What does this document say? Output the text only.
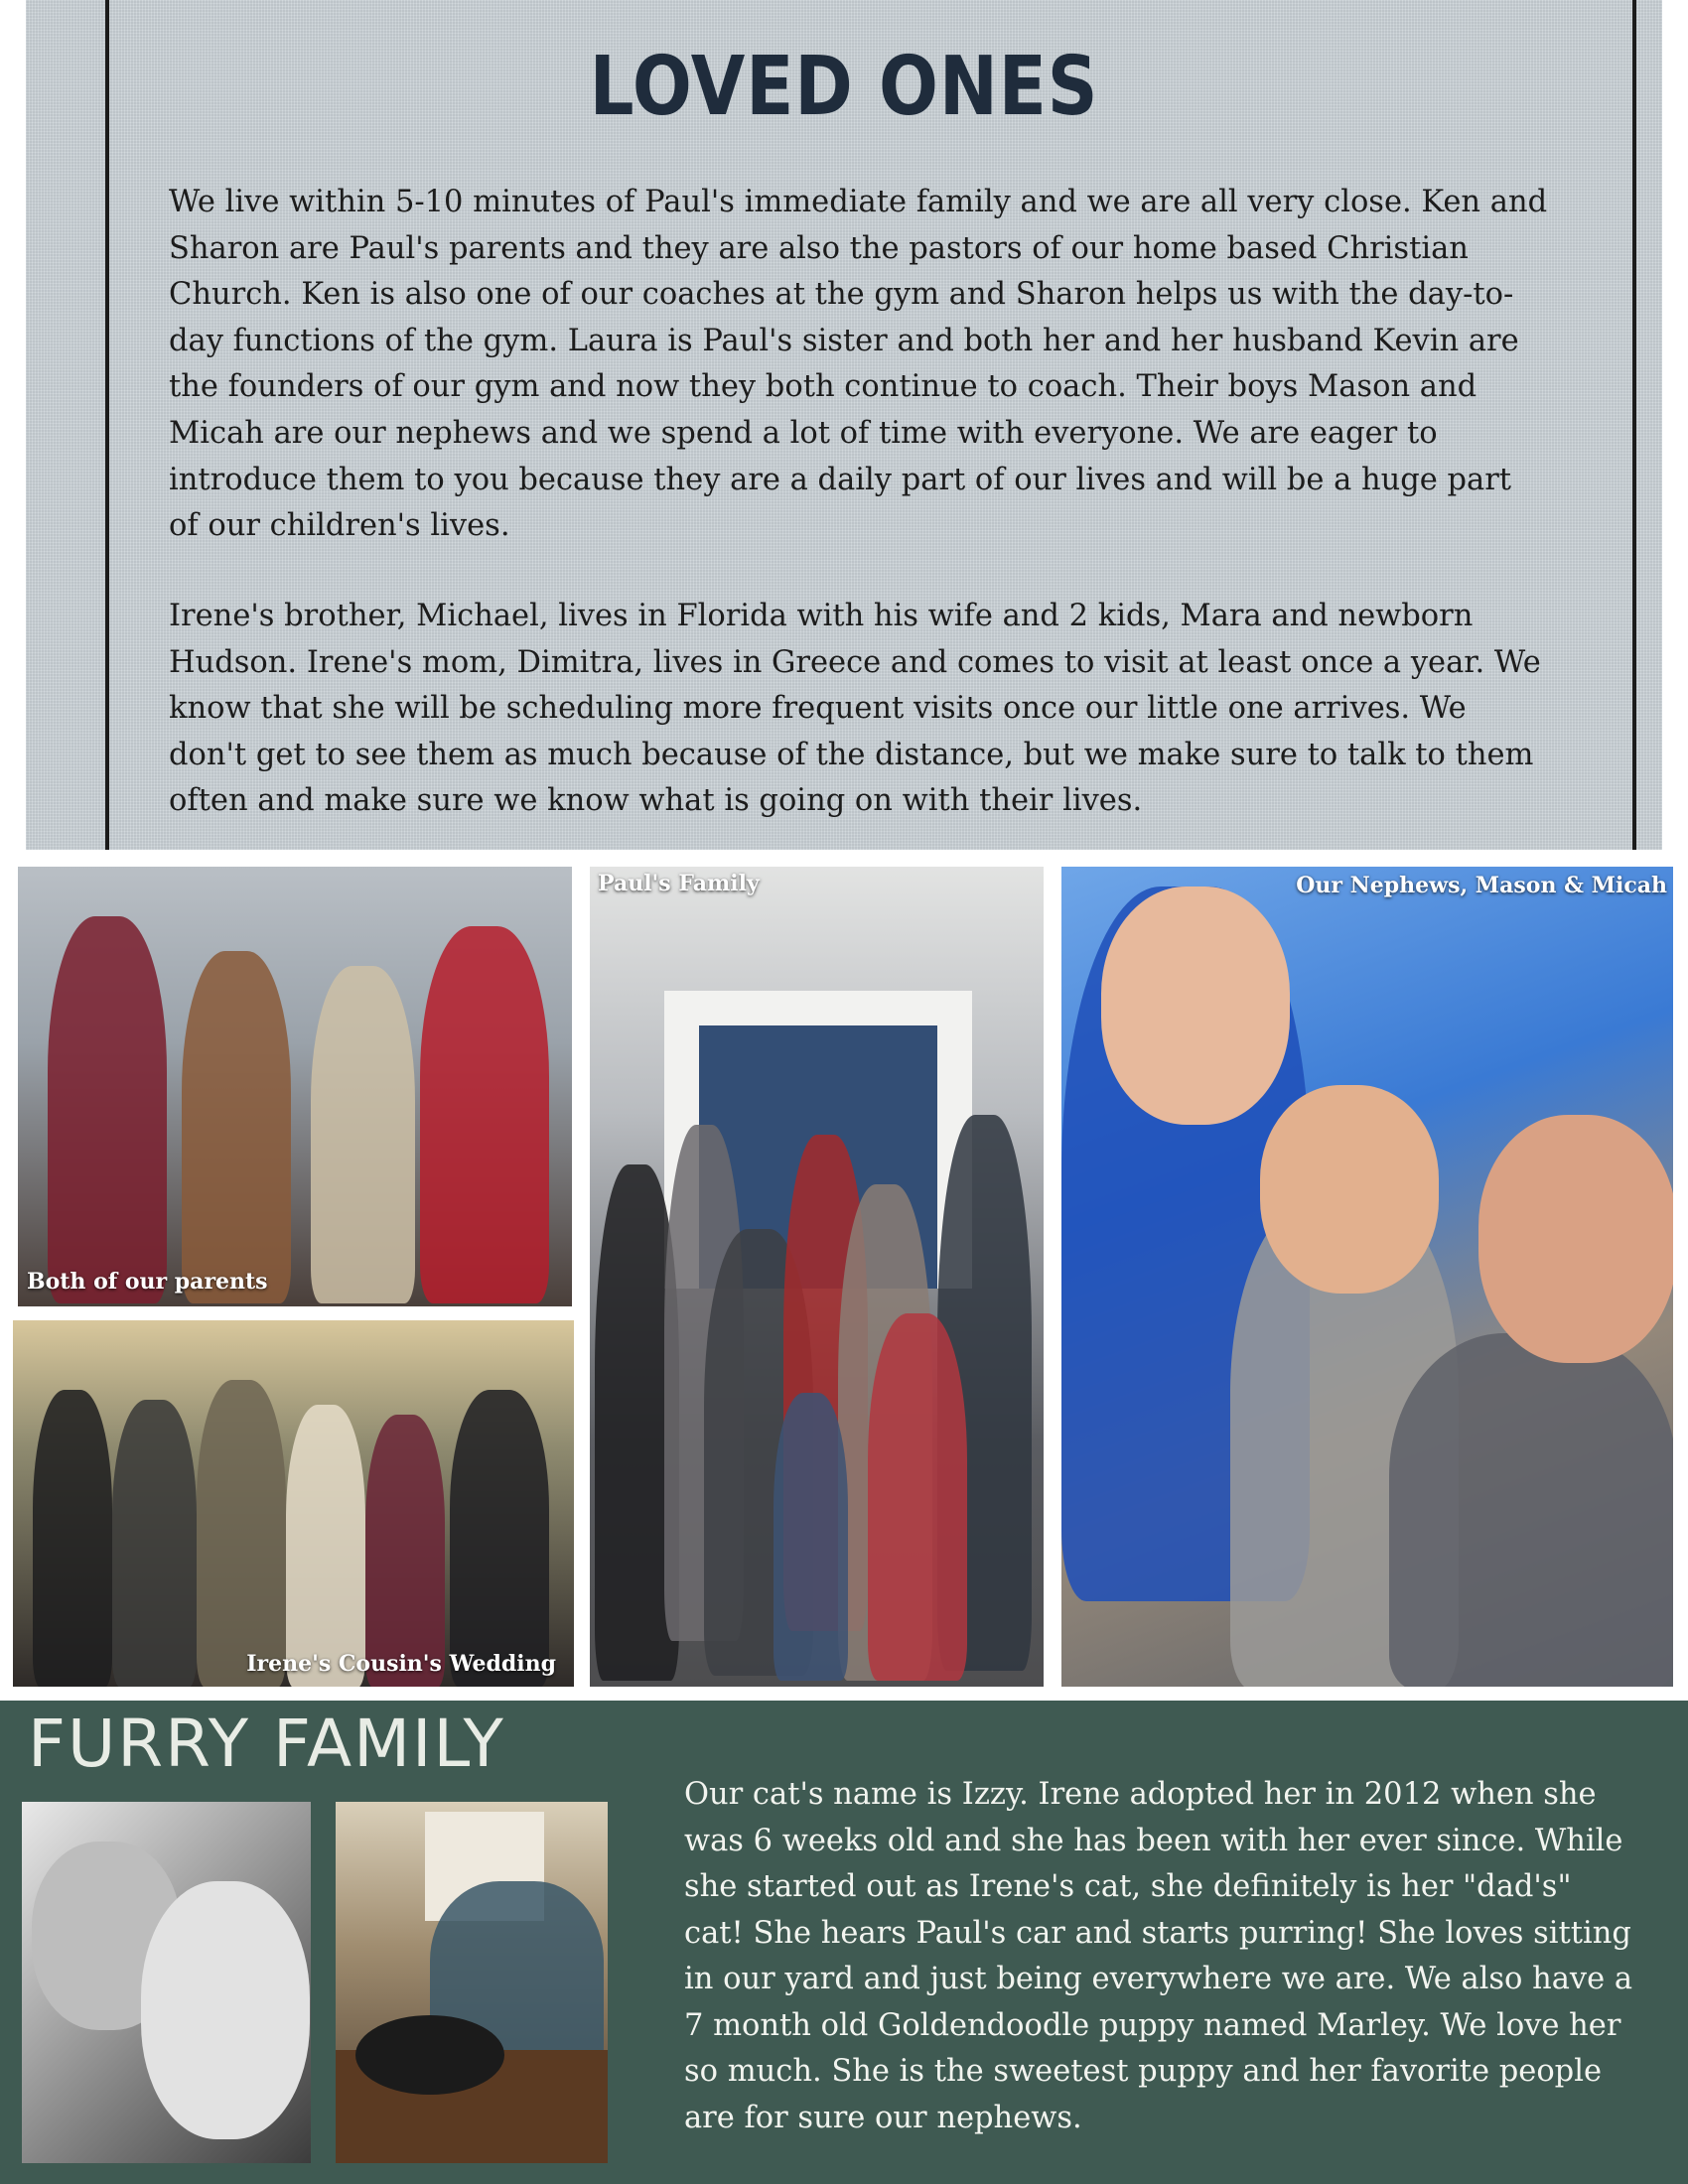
LOVED ONES

We live within 5-10 minutes of Paul's immediate family and we are all very close. Ken and Sharon are Paul's parents and they are also the pastors of our home based Christian Church. Ken is also one of our coaches at the gym and Sharon helps us with the day-to-day functions of the gym. Laura is Paul's sister and both her and her husband Kevin are the founders of our gym and now they both continue to coach. Their boys Mason and Micah are our nephews and we spend a lot of time with everyone. We are eager to introduce them to you because they are a daily part of our lives and will be a huge part of our children's lives.

Irene's brother, Michael, lives in Florida with his wife and 2 kids, Mara and newborn Hudson. Irene's mom, Dimitra, lives in Greece and comes to visit at least once a year. We know that she will be scheduling more frequent visits once our little one arrives. We don't get to see them as much because of the distance, but we make sure to talk to them often and make sure we know what is going on with their lives.

Both of our parents
Irene's Cousin's Wedding
Paul's Family	Our Nephews, Mason & Micah
FURRY FAMILY

Our cat's name is Izzy. Irene adopted her in 2012 when she was 6 weeks old and she has been with her ever since. While she started out as Irene's cat, she definitely is her "dad's" cat! She hears Paul's car and starts purring! She loves sitting in our yard and just being everywhere we are. We also have a 7 month old Goldendoodle puppy named Marley. We love her so much. She is the sweetest puppy and her favorite people are for sure our nephews.
